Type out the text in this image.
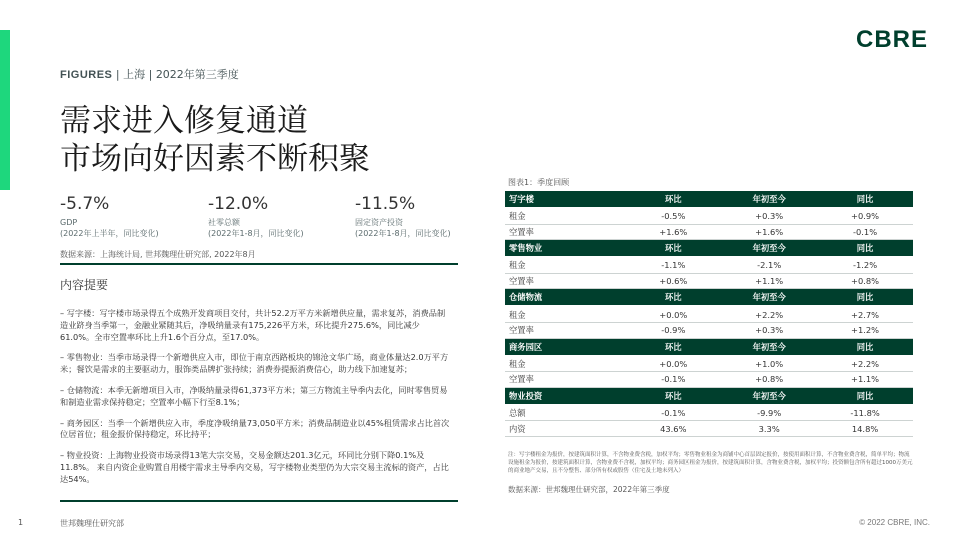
CBRE
FIGURES | 上海 | 2022年第三季度
需求进入修复通道
市场向好因素不断积聚
-5.7%
GDP
(2022年上半年，同比变化)
-12.0%
社零总额
(2022年1-8月，同比变化)
-11.5%
固定资产投资
(2022年1-8月，同比变化)
数据来源：上海统计局, 世邦魏理仕研究部, 2022年8月
内容提要

– 写字楼：写字楼市场录得五个成熟开发商项目交付，共计52.2万平方米新增供应量，需求复苏，消费品制造业跻身当季第一，金融业紧随其后，净吸纳量录有175,226平方米，环比提升275.6%，同比减少61.0%。全市空置率环比上升1.6个百分点，至17.0%。

– 零售物业：当季市场录得一个新增供应入市，即位于南京西路板块的锦沧文华广场，商业体量达2.0万平方米；餐饮是需求的主要驱动力，服饰类品牌扩张持续；消费券提振消费信心，助力线下加速复苏；

– 仓储物流：本季无新增项目入市，净吸纳量录得61,373平方米；第三方物流主导季内去化，同时零售贸易和制造业需求保持稳定；空置率小幅下行至8.1%；

– 商务园区：当季一个新增供应入市，季度净吸纳量73,050平方米；消费品制造业以45%租赁需求占比首次位居首位；租金报价保持稳定，环比持平；

– 物业投资：上海物业投资市场录得13笔大宗交易，交易金额达201.3亿元，环同比分别下降0.1%及11.8%。 来自内资企业购置自用楼宇需求主导季内交易，写字楼物业类型仍为大宗交易主流标的资产，占比达54%。

图表1：季度回顾
写字楼	环比	年初至今	同比
租金	-0.5%	+0.3%	+0.9%
空置率	+1.6%	+1.6%	-0.1%
零售物业	环比	年初至今	同比
租金	-1.1%	-2.1%	-1.2%
空置率	+0.6%	+1.1%	+0.8%
仓储物流	环比	年初至今	同比
租金	+0.0%	+2.2%	+2.7%
空置率	-0.9%	+0.3%	+1.2%
商务园区	环比	年初至今	同比
租金	+0.0%	+1.0%	+2.2%
空置率	-0.1%	+0.8%	+1.1%
物业投资	环比	年初至今	同比
总额	-0.1%	-9.9%	-11.8%
内资	43.6%	3.3%	14.8%
注：写字楼租金为报价，按建筑面积计算，不含物业费含税，加权平均；零售物业租金为商铺中心首层固定报价，按使用面积计算，不含物业费含税，简单平均；物流设施租金为报价，按建筑面积计算，含物业费不含税，加权平均；商务园区租金为报价，按建筑面积计算，含物业费含税，加权平均；投资额包含所有超过1000万美元的商业地产交易，且不分整售、部分所有权或股售（住宅及土地未列入）
数据来源：世邦魏理仕研究部，2022年第三季度
1	世邦魏理仕研究部	© 2022 CBRE, INC.
